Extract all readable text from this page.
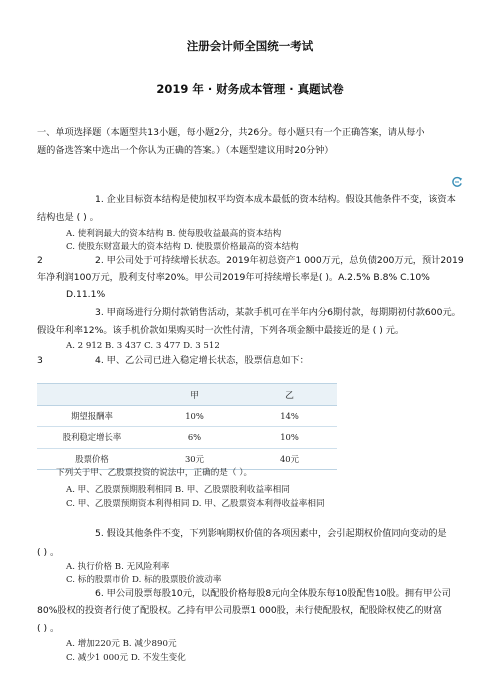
注册会计师全国统一考试
2019 年 · 财务成本管理 · 真题试卷
一、单项选择题（本题型共13小题，每小题2分，共26分。每小题只有一个正确答案，请从每小
题的备选答案中选出一个你认为正确的答案。）（本题型建议用时20分钟）
1. 企业目标资本结构是使加权平均资本成本最低的资本结构。假设其他条件不变，该资本
结构也是 ( ) 。
A. 使利润最大的资本结构 B. 使每股收益最高的资本结构
C. 使股东财富最大的资本结构 D. 使股票价格最高的资本结构
2	2. 甲公司处于可持续增长状态。2019年初总资产1 000万元，总负债200万元，预计2019
年净利润100万元，股利支付率20%。甲公司2019年可持续增长率是( )。A.2.5% B.8% C.10%
D.11.1%
3. 甲商场进行分期付款销售活动，某款手机可在半年内分6期付款，每期期初付款600元。
假设年利率12%。该手机价款如果购买时一次性付清，下列各项金额中最接近的是 ( ) 元。
A. 2 912 B. 3 437 C. 3 477 D. 3 512
3	4. 甲、乙公司已进入稳定增长状态，股票信息如下：
	甲	乙
期望报酬率	10%	14%
股利稳定增长率	6%	10%
股票价格	30元	40元
下列关于甲、乙股票投资的说法中，正确的是（ ）。
A. 甲、乙股票预期股利相同 B. 甲、乙股票股利收益率相同
C. 甲、乙股票预期资本利得相同 D. 甲、乙股票资本利得收益率相同
5. 假设其他条件不变，下列影响期权价值的各项因素中，会引起期权价值同向变动的是
( ) 。
A. 执行价格 B. 无风险利率
C. 标的股票市价 D. 标的股票股价波动率
6. 甲公司股票每股10元，以配股价格每股8元向全体股东每10股配售10股。拥有甲公司
80%股权的投资者行使了配股权。乙持有甲公司股票1 000股，未行使配股权，配股除权使乙的财富
( ) 。
A. 增加220元 B. 减少890元
C. 减少1 000元 D. 不发生变化
